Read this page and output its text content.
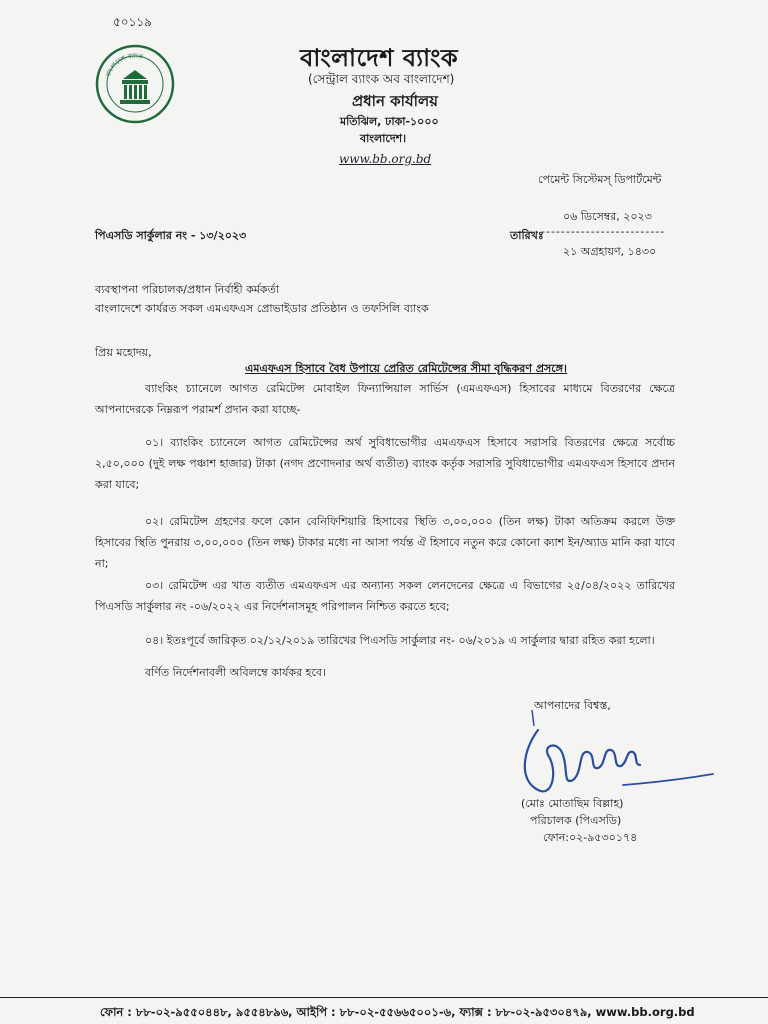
৫০১১৯
বাংলাদেশ ব্যাংক	বাংলাদেশ ব্যাংক
(সেন্ট্রাল ব্যাংক অব বাংলাদেশ)
প্রধান কার্যালয়
মতিঝিল, ঢাকা-১০০০
বাংলাদেশ।
www.bb.org.bd
পেমেন্ট সিস্টেমস্‌ ডিপার্টমেন্ট
০৬ ডিসেম্বর, ২০২৩
পিএসডি সার্কুলার নং - ১৩/২০২৩	তারিখঃ
-------------------------
২১ অগ্রহায়ণ, ১৪৩০
ব্যবস্থাপনা পরিচালক/প্রধান নির্বাহী কর্মকর্তা
বাংলাদেশে কার্যরত সকল এমএফএস প্রোভাইডার প্রতিষ্ঠান ও তফসিলি ব্যাংক
প্রিয় মহোদয়,
এমএফএস হিসাবে বৈধ উপায়ে প্রেরিত রেমিটেন্সের সীমা বৃদ্ধিকরণ প্রসঙ্গে।
ব্যাংকিং চ্যানেলে আগত রেমিটেন্স মোবাইল ফিন্যান্সিয়াল সার্ভিস (এমএফএস) হিসাবের মাধ্যমে বিতরণের ক্ষেত্রে আপনাদেরকে নিম্নরূপ পরামর্শ প্রদান করা যাচ্ছে-
০১। ব্যাংকিং চ্যানেলে আগত রেমিটেন্সের অর্থ সুবিধাভোগীর এমএফএস হিসাবে সরাসরি বিতরণের ক্ষেত্রে সর্বোচ্চ ২,৫০,০০০ (দুই লক্ষ পঞ্চাশ হাজার) টাকা (নগদ প্রণোদনার অর্থ ব্যতীত) ব্যাংক কর্তৃক সরাসরি সুবিধাভোগীর এমএফএস হিসাবে প্রদান করা যাবে;
০২। রেমিটেন্স গ্রহণের ফলে কোন বেনিফিশিয়ারি হিসাবের স্থিতি ৩,০০,০০০ (তিন লক্ষ) টাকা অতিক্রম করলে উক্ত হিসাবের স্থিতি পুনরায় ৩,০০,০০০ (তিন লক্ষ) টাকার মধ্যে না আসা পর্যন্ত ঐ হিসাবে নতুন করে কোনো ক্যাশ ইন/অ্যাড মানি করা যাবে না;
০৩। রেমিটেন্স এর খাত ব্যতীত এমএফএস এর অন্যান্য সকল লেনদেনের ক্ষেত্রে এ বিভাগের ২৫/০৪/২০২২ তারিখের পিএসডি সার্কুলার নং -০৬/২০২২ এর নির্দেশনাসমূহ পরিপালন নিশ্চিত করতে হবে;
০৪। ইতঃপূর্বে জারিকৃত ০২/১২/২০১৯ তারিখের পিএসডি সার্কুলার নং- ০৬/২০১৯ এ সার্কুলার দ্বারা রহিত করা হলো।
বর্ণিত নির্দেশনাবলী অবিলম্বে কার্যকর হবে।
আপনাদের বিশ্বস্ত,
(মোঃ মোতাছিম বিল্লাহ)
পরিচালক (পিএসডি)
ফোন:০২-৯৫৩০১৭৪
ফোন : ৮৮-০২-৯৫৫০৪৪৮, ৯৫৫৪৮৯৬, আইপি : ৮৮-০২-৫৫৬৬৫০০১-৬, ফ্যাক্স : ৮৮-০২-৯৫৩০৪৭৯, www.bb.org.bd
